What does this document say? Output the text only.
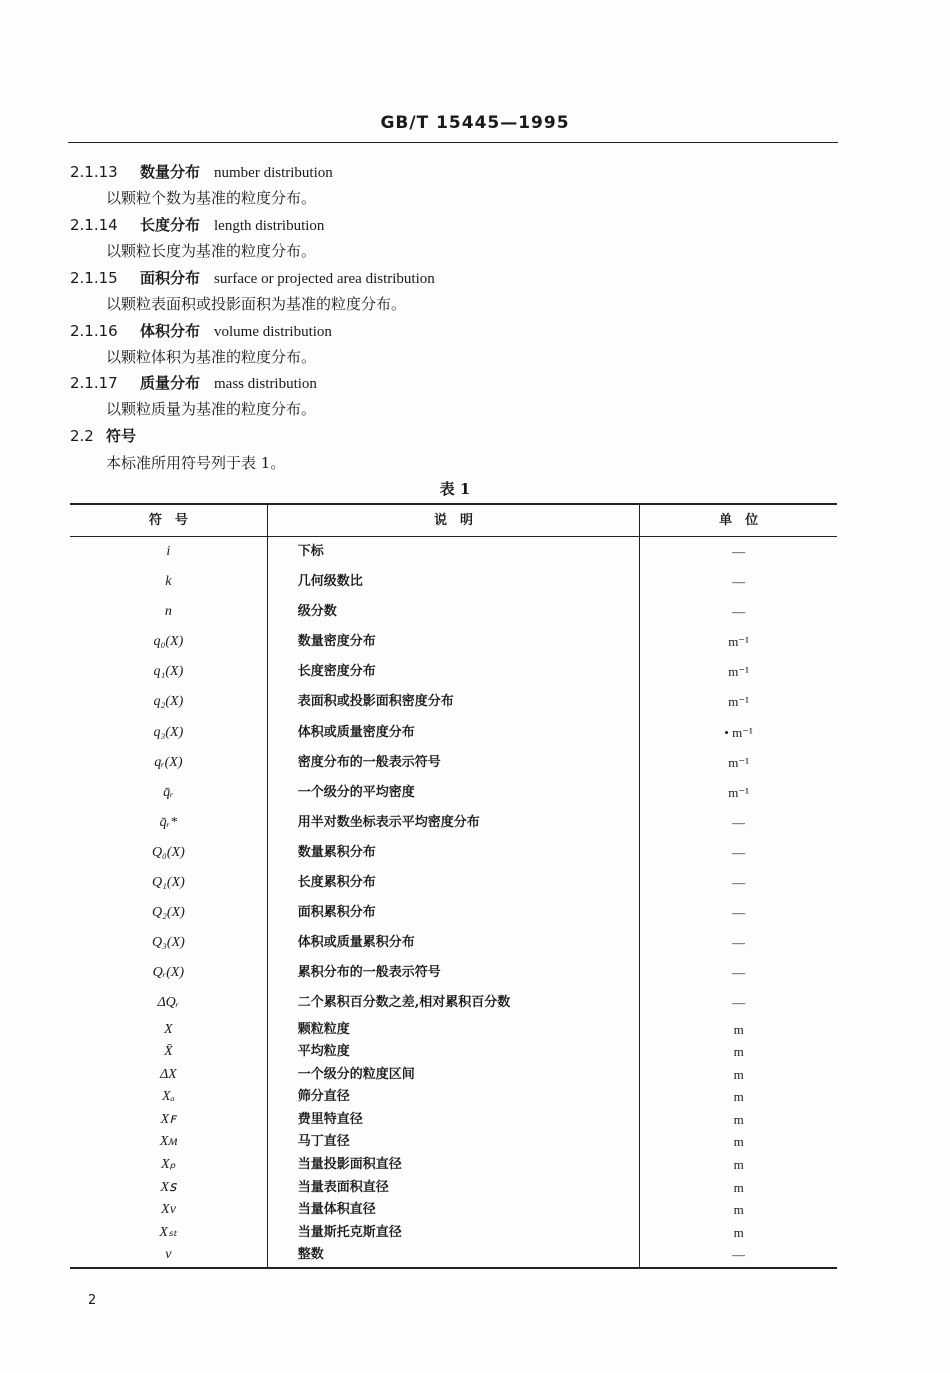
GB/T 15445—1995
2.1.13 数量分布 number distribution
以颗粒个数为基准的粒度分布。
2.1.14 长度分布 length distribution
以颗粒长度为基准的粒度分布。
2.1.15 面积分布 surface or projected area distribution
以颗粒表面积或投影面积为基准的粒度分布。
2.1.16 体积分布 volume distribution
以颗粒体积为基准的粒度分布。
2.1.17 质量分布 mass distribution
以颗粒质量为基准的粒度分布。
2.2 符号
本标准所用符号列于表 1。
表 1
符　号	说　明	单　位
i	下标	—
k	几何级数比	—
n	级分数	—
q₀(X)	数量密度分布	m⁻¹
q₁(X)	长度密度分布	m⁻¹
q₂(X)	表面积或投影面积密度分布	m⁻¹
q₃(X)	体积或质量密度分布	• m⁻¹
qᵣ(X)	密度分布的一般表示符号	m⁻¹
q̄ᵣ	一个级分的平均密度	m⁻¹
q̄ᵣ*	用半对数坐标表示平均密度分布	—
Q₀(X)	数量累积分布	—
Q₁(X)	长度累积分布	—
Q₂(X)	面积累积分布	—
Q₃(X)	体积或质量累积分布	—
Qᵣ(X)	累积分布的一般表示符号	—
ΔQᵣ	二个累积百分数之差,相对累积百分数	—
X	颗粒粒度	m
X̄	平均粒度	m
ΔX	一个级分的粒度区间	m
Xₐ	筛分直径	m
Xꜰ	费里特直径	m
Xᴍ	马丁直径	m
Xₚ	当量投影面积直径	m
Xꜱ	当量表面积直径	m
Xᴠ	当量体积直径	m
Xₛₜ	当量斯托克斯直径	m
v	整数	—
2
